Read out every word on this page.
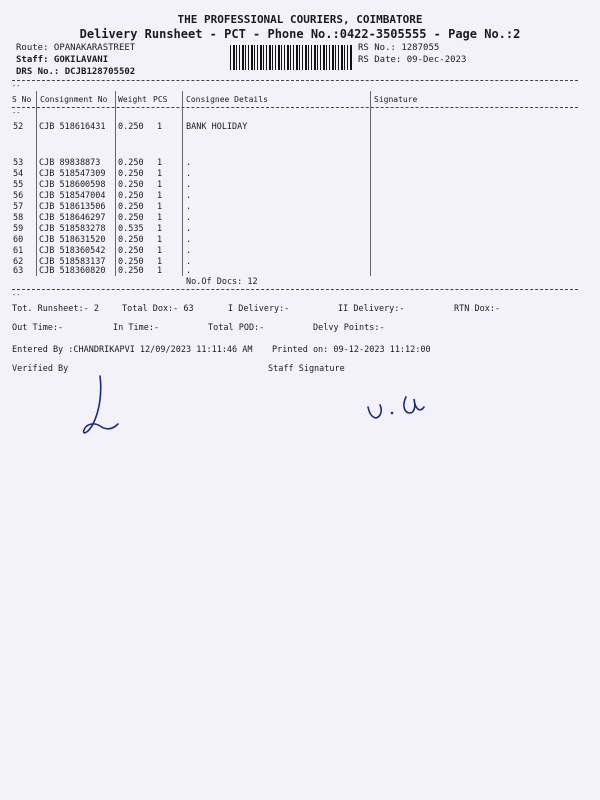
THE PROFESSIONAL COURIERS, COIMBATORE
Delivery Runsheet - PCT - Phone No.:0422-3505555 - Page No.:2
Route: OPANAKARASTREET
Staff: GOKILAVANI
DRS No.: DCJB128705502
RS No.: 1287055
RS Date: 09-Dec-2023
--
S No Consignment No Weight PCS Consignee Details	Signature
--
52 CJB 518616431 0.250 1	BANK HOLIDAY
53 CJB 89838873 0.250 1	.
54 CJB 518547309 0.250 1	.
55 CJB 518600598 0.250 1	.
56 CJB 518547004 0.250 1	.
57 CJB 518613506 0.250 1	.
58 CJB 518646297 0.250 1	.
59 CJB 518583278 0.535 1	.
60 CJB 518631520 0.250 1	.
61 CJB 518360542 0.250 1	.
62 CJB 518583137 0.250 1	.
63 CJB 518360820 0.250 1	.
No.Of Docs: 12
--
Tot. Runsheet:- 2	Total Dox:- 63	I Delivery:-	II Delivery:-	RTN Dox:-
Out Time:-	In Time:-	Total POD:-	Delvy Points:-
Entered By :CHANDRIKAPVI 12/09/2023 11:11:46 AM Printed on: 09-12-2023 11:12:00
Verified By	Staff Signature
